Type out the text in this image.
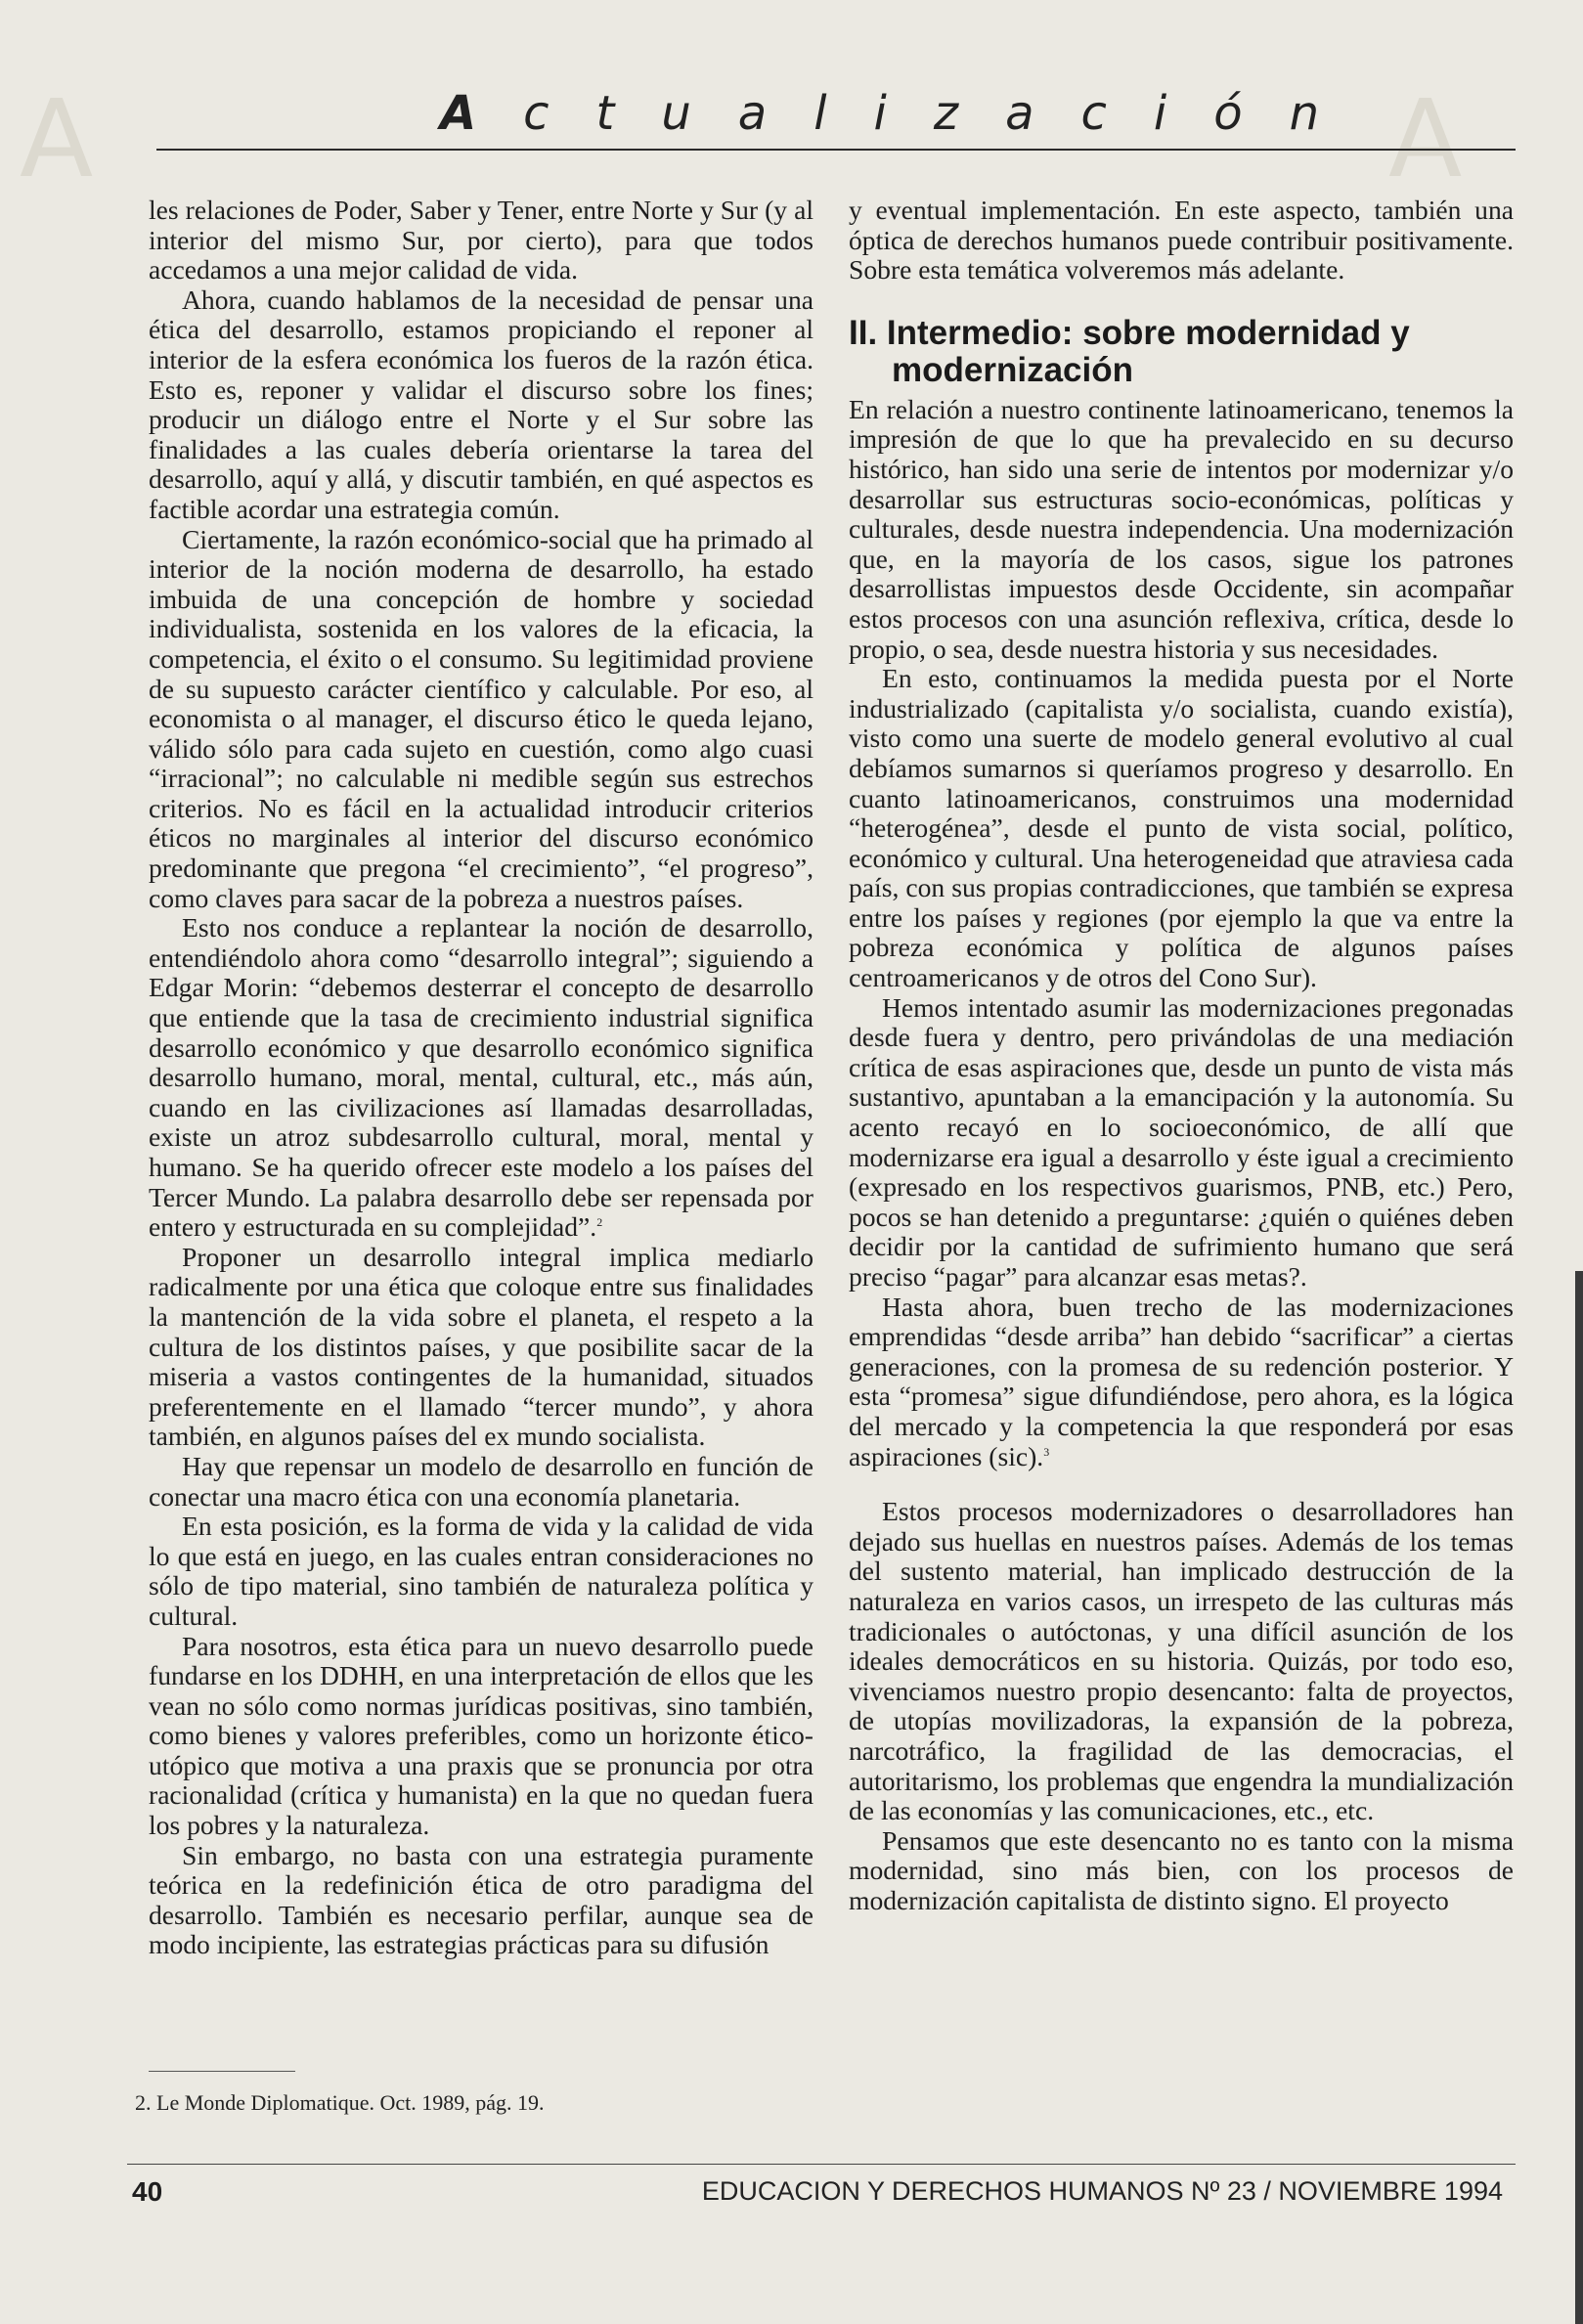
A	A
Actualización

les relaciones de Poder, Saber y Tener, entre Norte y Sur (y al interior del mismo Sur, por cierto), para que todos accedamos a una mejor calidad de vida.

Ahora, cuando hablamos de la necesidad de pensar una ética del desarrollo, estamos propiciando el reponer al interior de la esfera económica los fueros de la razón ética. Esto es, reponer y validar el discurso sobre los fines; producir un diálogo entre el Norte y el Sur sobre las finalidades a las cuales debería orientarse la tarea del desarrollo, aquí y allá, y discutir también, en qué aspectos es factible acordar una estrategia común.

Ciertamente, la razón económico-social que ha primado al interior de la noción moderna de desarrollo, ha estado imbuida de una concepción de hombre y sociedad individualista, sostenida en los valores de la eficacia, la competencia, el éxito o el consumo. Su legitimidad proviene de su supuesto carácter científico y calculable. Por eso, al economista o al manager, el discurso ético le queda lejano, válido sólo para cada sujeto en cuestión, como algo cuasi “irracional”; no calculable ni medible según sus estrechos criterios. No es fácil en la actualidad introducir criterios éticos no marginales al interior del discurso económico predominante que pregona “el crecimiento”, “el progreso”, como claves para sacar de la pobreza a nuestros países.

Esto nos conduce a replantear la noción de desarrollo, entendiéndolo ahora como “desarrollo integral”; siguiendo a Edgar Morin: “debemos desterrar el concepto de desarrollo que entiende que la tasa de crecimiento industrial significa desarrollo económico y que desarrollo económico significa desarrollo humano, moral, mental, cultural, etc., más aún, cuando en las civilizaciones así llamadas desarrolladas, existe un atroz subdesarrollo cultural, moral, mental y humano. Se ha querido ofrecer este modelo a los países del Tercer Mundo. La palabra desarrollo debe ser repensada por entero y estructurada en su complejidad”.$^2$

Proponer un desarrollo integral implica mediarlo radicalmente por una ética que coloque entre sus finalidades la mantención de la vida sobre el planeta, el respeto a la cultura de los distintos países, y que posibilite sacar de la miseria a vastos contingentes de la humanidad, situados preferentemente en el llamado “tercer mundo”, y ahora también, en algunos países del ex mundo socialista.

Hay que repensar un modelo de desarrollo en función de conectar una macro ética con una economía planetaria.

En esta posición, es la forma de vida y la calidad de vida lo que está en juego, en las cuales entran consideraciones no sólo de tipo material, sino también de naturaleza política y cultural.

Para nosotros, esta ética para un nuevo desarrollo puede fundarse en los DDHH, en una interpretación de ellos que les vean no sólo como normas jurídicas positivas, sino también, como bienes y valores preferibles, como un horizonte ético-utópico que motiva a una praxis que se pronuncia por otra racionalidad (crítica y humanista) en la que no quedan fuera los pobres y la naturaleza.

Sin embargo, no basta con una estrategia puramente teórica en la redefinición ética de otro paradigma del desarrollo. También es necesario perfilar, aunque sea de modo incipiente, las estrategias prácticas para su difusión

y eventual implementación. En este aspecto, también una óptica de derechos humanos puede contribuir positivamente. Sobre esta temática volveremos más adelante.

II. Intermedio: sobre modernidad y modernización

En relación a nuestro continente latinoamericano, tenemos la impresión de que lo que ha prevalecido en su decurso histórico, han sido una serie de intentos por modernizar y/o desarrollar sus estructuras socio-económicas, políticas y culturales, desde nuestra independencia. Una modernización que, en la mayoría de los casos, sigue los patrones desarrollistas impuestos desde Occidente, sin acompañar estos procesos con una asunción reflexiva, crítica, desde lo propio, o sea, desde nuestra historia y sus necesidades.

En esto, continuamos la medida puesta por el Norte industrializado (capitalista y/o socialista, cuando existía), visto como una suerte de modelo general evolutivo al cual debíamos sumarnos si queríamos progreso y desarrollo. En cuanto latinoamericanos, construimos una modernidad “heterogénea”, desde el punto de vista social, político, económico y cultural. Una heterogeneidad que atraviesa cada país, con sus propias contradicciones, que también se expresa entre los países y regiones (por ejemplo la que va entre la pobreza económica y política de algunos países centroamericanos y de otros del Cono Sur).

Hemos intentado asumir las modernizaciones pregonadas desde fuera y dentro, pero privándolas de una mediación crítica de esas aspiraciones que, desde un punto de vista más sustantivo, apuntaban a la emancipación y la autonomía. Su acento recayó en lo socioeconómico, de allí que modernizarse era igual a desarrollo y éste igual a crecimiento (expresado en los respectivos guarismos, PNB, etc.) Pero, pocos se han detenido a preguntarse: ¿quién o quiénes deben decidir por la cantidad de sufrimiento humano que será preciso “pagar” para alcanzar esas metas?.

Hasta ahora, buen trecho de las modernizaciones emprendidas “desde arriba” han debido “sacrificar” a ciertas generaciones, con la promesa de su redención posterior. Y esta “promesa” sigue difundiéndose, pero ahora, es la lógica del mercado y la competencia la que responderá por esas aspiraciones (sic).$^3$

Estos procesos modernizadores o desarrolladores han dejado sus huellas en nuestros países. Además de los temas del sustento material, han implicado destrucción de la naturaleza en varios casos, un irrespeto de las culturas más tradicionales o autóctonas, y una difícil asunción de los ideales democráticos en su historia. Quizás, por todo eso, vivenciamos nuestro propio desencanto: falta de proyectos, de utopías movilizadoras, la expansión de la pobreza, narcotráfico, la fragilidad de las democracias, el autoritarismo, los problemas que engendra la mundialización de las economías y las comunicaciones, etc., etc.

Pensamos que este desencanto no es tanto con la misma modernidad, sino más bien, con los procesos de modernización capitalista de distinto signo. El proyecto

2. Le Monde Diplomatique. Oct. 1989, pág. 19.
40	EDUCACION Y DERECHOS HUMANOS Nº 23 / NOVIEMBRE 1994
